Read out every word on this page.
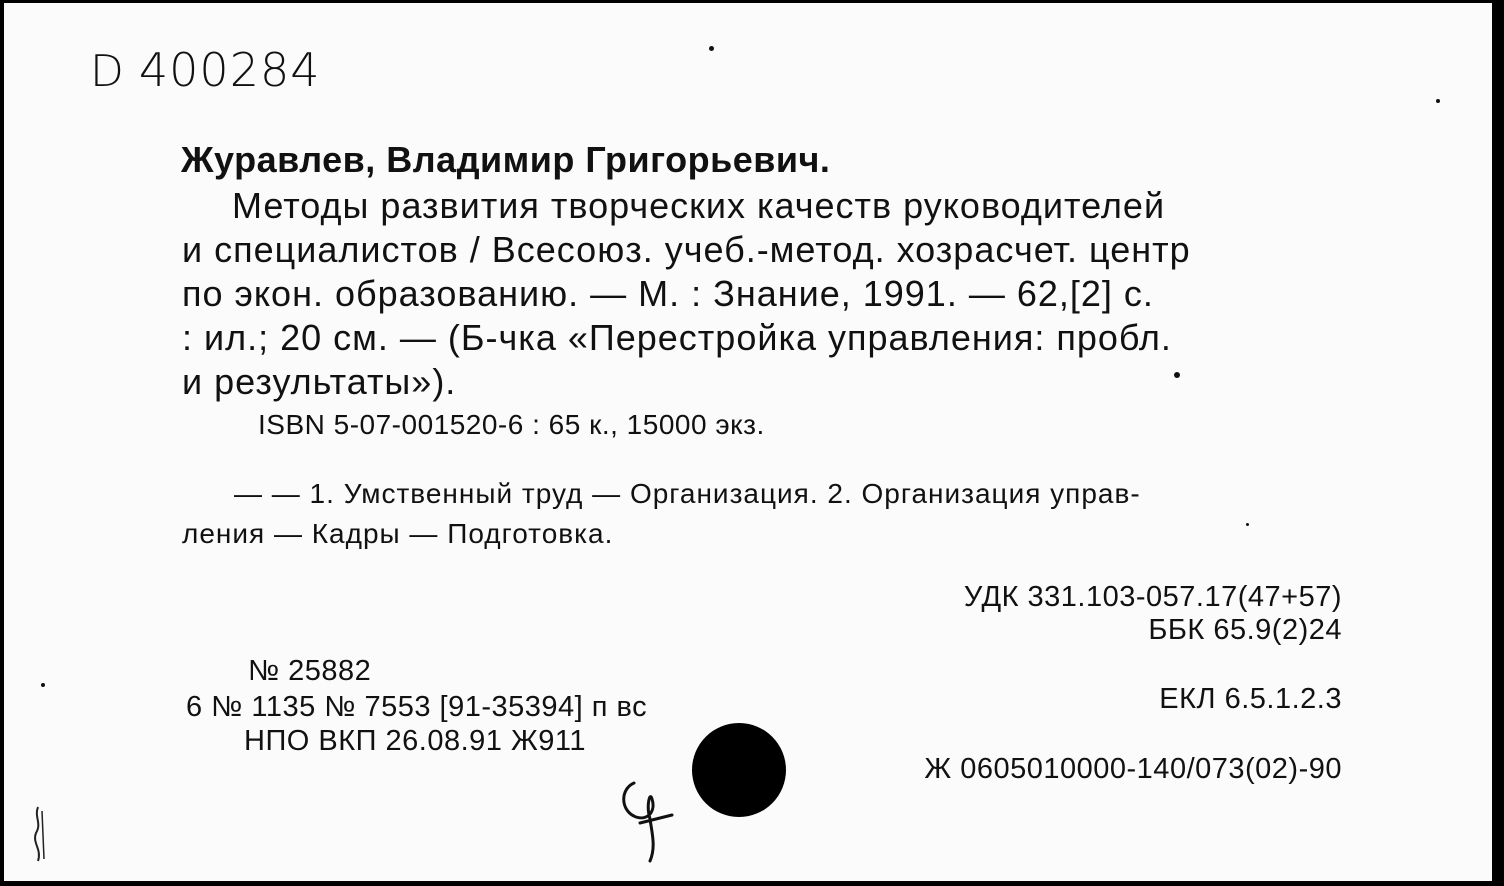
D 400284
Журавлев, Владимир Григорьевич.
Методы развития творческих качеств руководителей
и специалистов / Всесоюз. учеб.-метод. хозрасчет. центр
по экон. образованию. — М. : Знание, 1991. — 62,[2] с.
: ил.; 20 см. — (Б-чка «Перестройка управления: пробл.
и результаты»).
ISBN 5-07-001520-6 : 65 к., 15000 экз.
— — 1. Умственный труд — Организация. 2. Организация управ-
ления — Кадры — Подготовка.
УДК 331.103-057.17(47+57)
ББК 65.9(2)24
ЕКЛ 6.5.1.2.3
Ж 0605010000-140/073(02)-90
№ 25882
6 № 1135 № 7553 [91-35394] п вс
НПО ВКП 26.08.91 Ж911
